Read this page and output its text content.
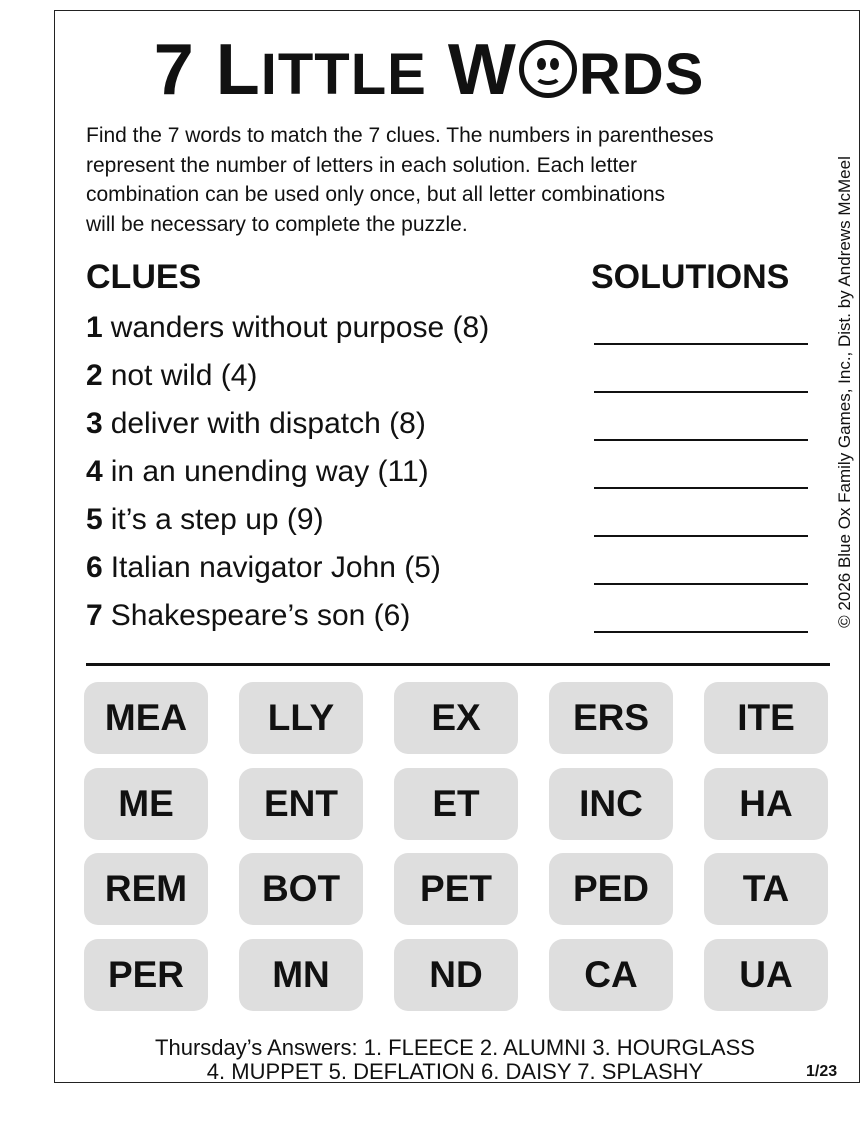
7 LITTLE W RDS
Find the 7 words to match the 7 clues. The numbers in parentheses
represent the number of letters in each solution. Each letter
combination can be used only once, but all letter combinations
will be necessary to complete the puzzle.	© 2026 Blue Ox Family Games, Inc., Dist. by Andrews McMeel
CLUES	SOLUTIONS
1 wanders without purpose (8)
2 not wild (4)
3 deliver with dispatch (8)
4 in an unending way (11)
5 it’s a step up (9)
6 Italian navigator John (5)
7 Shakespeare’s son (6)
MEA	LLY	EX	ERS	ITE
ME	ENT	ET	INC	HA
REM	BOT	PET	PED	TA
PER	MN	ND	CA	UA
Thursday’s Answers: 1. FLEECE 2. ALUMNI 3. HOURGLASS
4. MUPPET 5. DEFLATION 6. DAISY 7. SPLASHY	1/23
